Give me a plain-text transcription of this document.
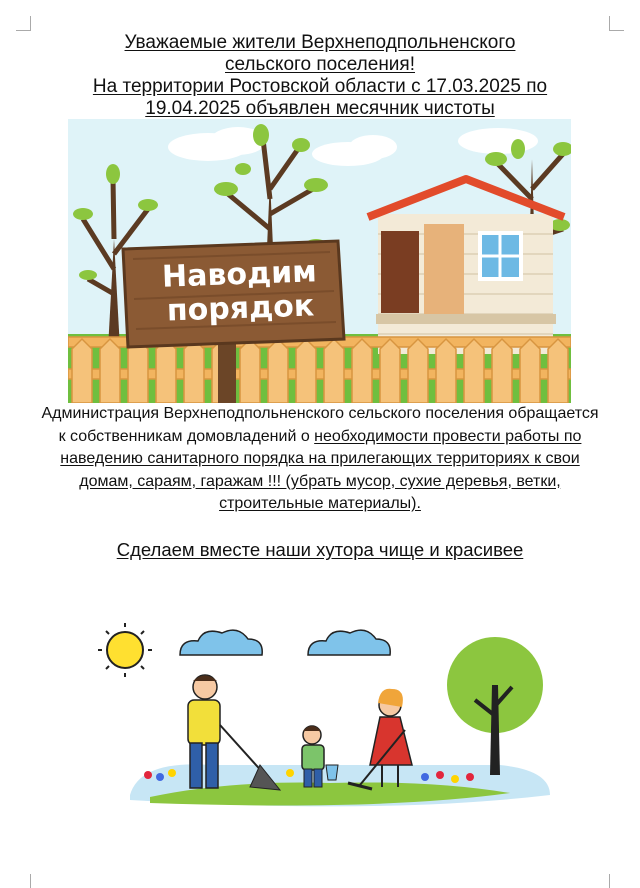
Уважаемые жители Верхнеподпольненского
сельского поселения!
На территории Ростовской области с 17.03.2025 по
19.04.2025 объявлен месячник чистоты
Наводим
порядок
Администрация Верхнеподпольненского сельского поселения обращается к собственникам домовладений о необходимости провести работы по наведению санитарного порядка на прилегающих территориях к свои домам, сараям, гаражам !!! (убрать мусор, сухие деревья, ветки, строительные материалы).
Сделаем вместе наши хутора чище и красивее
